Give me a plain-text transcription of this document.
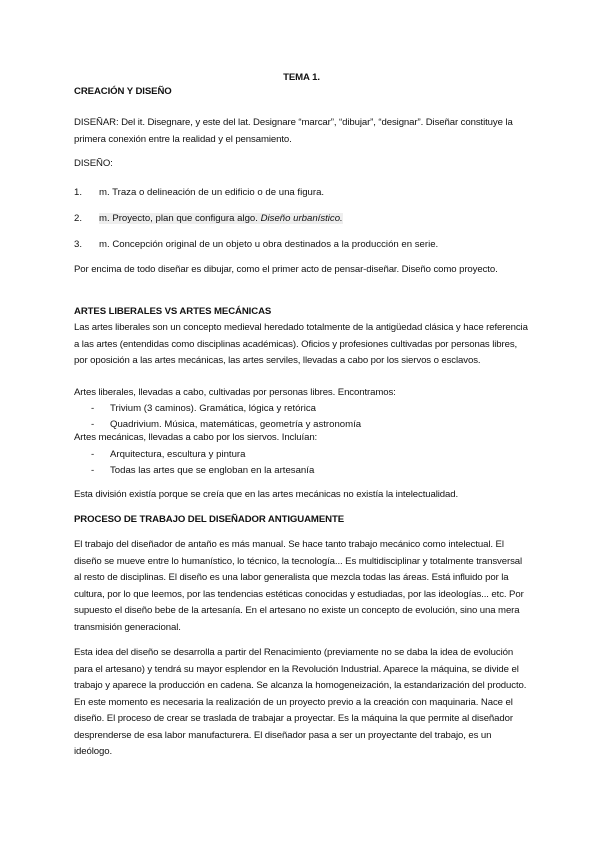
TEMA 1.

CREACIÓN Y DISEÑO

DISEÑAR: Del it. Disegnare, y este del lat. Designare “marcar”, “dibujar”, “designar”. Diseñar constituye la primera conexión entre la realidad y el pensamiento.

DISEÑO:

1. m. Traza o delineación de un edificio o de una figura.
2. m. Proyecto, plan que configura algo. Diseño urbanístico.
3. m. Concepción original de un objeto u obra destinados a la producción en serie.

Por encima de todo diseñar es dibujar, como el primer acto de pensar-diseñar. Diseño como proyecto.

ARTES LIBERALES VS ARTES MECÁNICAS

Las artes liberales son un concepto medieval heredado totalmente de la antigüedad clásica y hace referencia a las artes (entendidas como disciplinas académicas). Oficios y profesiones cultivadas por personas libres, por oposición a las artes mecánicas, las artes serviles, llevadas a cabo por los siervos o esclavos.

Artes liberales, llevadas a cabo, cultivadas por personas libres. Encontramos:

- Trivium (3 caminos). Gramática, lógica y retórica
- Quadrivium. Música, matemáticas, geometría y astronomía

Artes mecánicas, llevadas a cabo por los siervos. Incluían:

- Arquitectura, escultura y pintura
- Todas las artes que se engloban en la artesanía

Esta división existía porque se creía que en las artes mecánicas no existía la intelectualidad.

PROCESO DE TRABAJO DEL DISEÑADOR ANTIGUAMENTE

El trabajo del diseñador de antaño es más manual. Se hace tanto trabajo mecánico como intelectual. El diseño se mueve entre lo humanístico, lo técnico, la tecnología... Es multidisciplinar y totalmente transversal al resto de disciplinas. El diseño es una labor generalista que mezcla todas las áreas. Está influido por la cultura, por lo que leemos, por las tendencias estéticas conocidas y estudiadas, por las ideologías... etc. Por supuesto el diseño bebe de la artesanía. En el artesano no existe un concepto de evolución, sino una mera transmisión generacional.

Esta idea del diseño se desarrolla a partir del Renacimiento (previamente no se daba la idea de evolución para el artesano) y tendrá su mayor esplendor en la Revolución Industrial. Aparece la máquina, se divide el trabajo y aparece la producción en cadena. Se alcanza la homogeneización, la estandarización del producto. En este momento es necesaria la realización de un proyecto previo a la creación con maquinaria. Nace el diseño. El proceso de crear se traslada de trabajar a proyectar. Es la máquina la que permite al diseñador desprenderse de esa labor manufacturera. El diseñador pasa a ser un proyectante del trabajo, es un ideólogo.
